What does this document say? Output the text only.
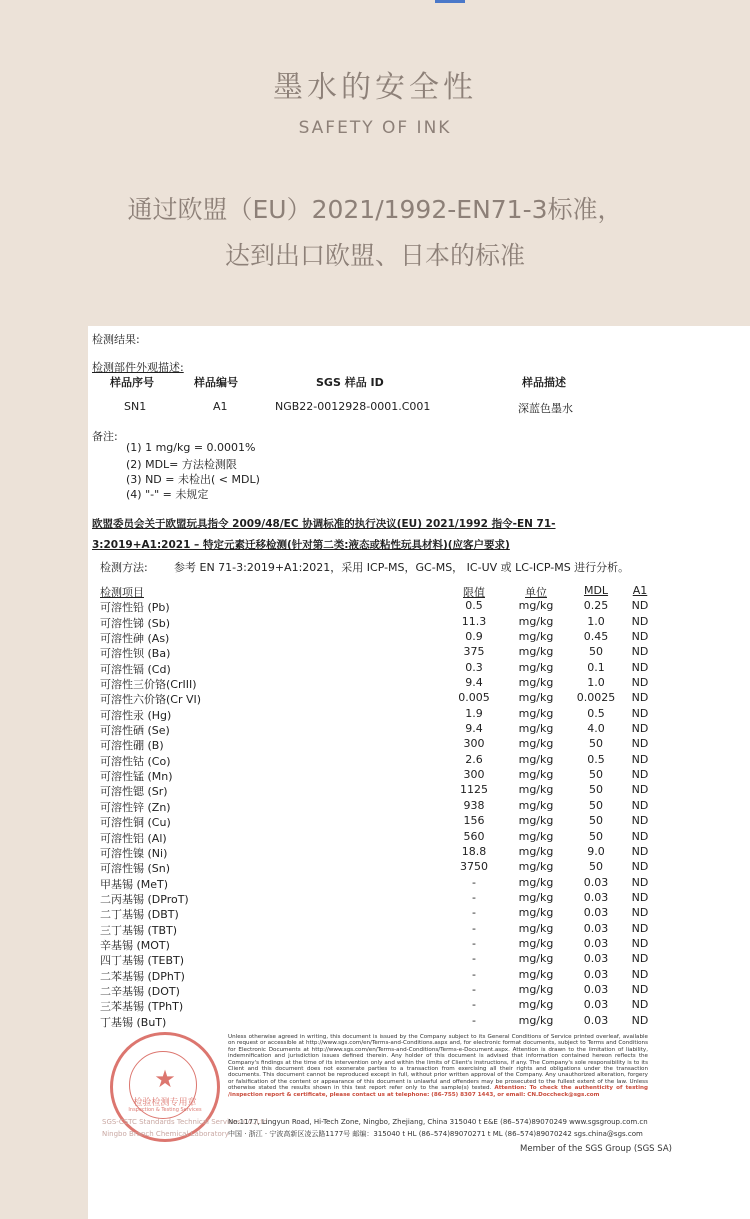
墨水的安全性
SAFETY OF INK
通过欧盟（EU）2021/1992-EN71-3标准，
达到出口欧盟、日本的标准
检测结果:
检测部件外观描述:
样品序号	样品编号	SGS 样品 ID	样品描述
SN1	A1	NGB22-0012928-0001.C001	深蓝色墨水
备注:
(1) 1 mg/kg = 0.0001%
(2) MDL= 方法检测限
(3) ND = 未检出( < MDL)
(4) "-" = 未规定
欧盟委员会关于欧盟玩具指令 2009/48/EC 协调标准的执行决议(EU) 2021/1992 指令-EN 71-
3:2019+A1:2021 – 特定元素迁移检测(针对第二类:液态或粘性玩具材料)(应客户要求)
检测方法: 参考 EN 71-3:2019+A1:2021，采用 ICP-MS，GC-MS， IC-UV 或 LC-ICP-MS 进行分析。
检测项目	限值	单位	MDL	A1
可溶性铅 (Pb)	0.5	mg/kg	0.25	ND
可溶性锑 (Sb)	11.3	mg/kg	1.0	ND
可溶性砷 (As)	0.9	mg/kg	0.45	ND
可溶性钡 (Ba)	375	mg/kg	50	ND
可溶性镉 (Cd)	0.3	mg/kg	0.1	ND
可溶性三价铬(CrIII)	9.4	mg/kg	1.0	ND
可溶性六价铬(Cr VI)	0.005	mg/kg	0.0025	ND
可溶性汞 (Hg)	1.9	mg/kg	0.5	ND
可溶性硒 (Se)	9.4	mg/kg	4.0	ND
可溶性硼 (B)	300	mg/kg	50	ND
可溶性钴 (Co)	2.6	mg/kg	0.5	ND
可溶性锰 (Mn)	300	mg/kg	50	ND
可溶性锶 (Sr)	1125	mg/kg	50	ND
可溶性锌 (Zn)	938	mg/kg	50	ND
可溶性铜 (Cu)	156	mg/kg	50	ND
可溶性铝 (Al)	560	mg/kg	50	ND
可溶性镍 (Ni)	18.8	mg/kg	9.0	ND
可溶性锡 (Sn)	3750	mg/kg	50	ND
甲基锡 (MeT)	-	mg/kg	0.03	ND
二丙基锡 (DProT)	-	mg/kg	0.03	ND
二丁基锡 (DBT)	-	mg/kg	0.03	ND
三丁基锡 (TBT)	-	mg/kg	0.03	ND
辛基锡 (MOT)	-	mg/kg	0.03	ND
四丁基锡 (TEBT)	-	mg/kg	0.03	ND
二苯基锡 (DPhT)	-	mg/kg	0.03	ND
二辛基锡 (DOT)	-	mg/kg	0.03	ND
三苯基锡 (TPhT)	-	mg/kg	0.03	ND
丁基锡 (BuT)	-	mg/kg	0.03	ND
★
检验检测专用章
Inspection & Testing Services
SGS-CSTC Standards Technical Services Co.,Ltd.
Ningbo Branch Chemical Laboratory
Unless otherwise agreed in writing, this document is issued by the Company subject to its General Conditions of Service printed overleaf, available on request or accessible at http://www.sgs.com/en/Terms-and-Conditions.aspx and, for electronic format documents, subject to Terms and Conditions for Electronic Documents at http://www.sgs.com/en/Terms-and-Conditions/Terms-e-Document.aspx. Attention is drawn to the limitation of liability, indemnification and jurisdiction issues defined therein. Any holder of this document is advised that information contained hereon reflects the Company's findings at the time of its intervention only and within the limits of Client's instructions, if any. The Company's sole responsibility is to its Client and this document does not exonerate parties to a transaction from exercising all their rights and obligations under the transaction documents. This document cannot be reproduced except in full, without prior written approval of the Company. Any unauthorized alteration, forgery or falsification of the content or appearance of this document is unlawful and offenders may be prosecuted to the fullest extent of the law. Unless otherwise stated the results shown in this test report refer only to the sample(s) tested. Attention: To check the authenticity of testing /inspection report & certificate, please contact us at telephone: (86-755) 8307 1443, or email: CN.Doccheck@sgs.com
No.1177, Lingyun Road, Hi-Tech Zone, Ningbo, Zhejiang, China 315040 t E&E (86–574)89070249 www.sgsgroup.com.cn
中国 · 浙江 · 宁波高新区凌云路1177号 邮编：315040 t HL (86–574)89070271 t ML (86–574)89070242 sgs.china@sgs.com
Member of the SGS Group (SGS SA)
